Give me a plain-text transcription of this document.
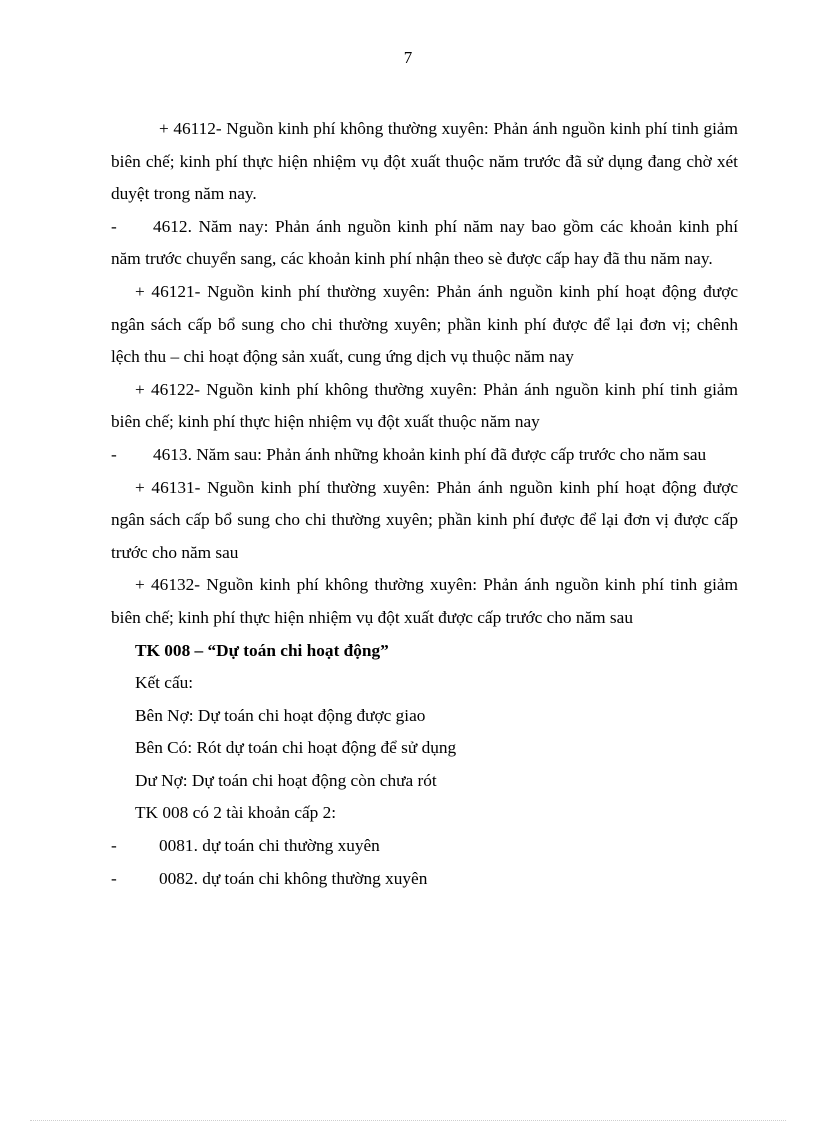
7

+ 46112- Nguồn kinh phí không thường xuyên: Phản ánh nguồn kinh phí tinh giảm biên chế; kinh phí thực hiện nhiệm vụ đột xuất thuộc năm trước đã sử dụng đang chờ xét duyệt trong năm nay.

- 4612. Năm nay: Phản ánh nguồn kinh phí năm nay bao gồm các khoản kinh phí năm trước chuyển sang, các khoản kinh phí nhận theo sè được cấp hay đã thu năm nay.

+ 46121- Nguồn kinh phí thường xuyên: Phản ánh nguồn kinh phí hoạt động được ngân sách cấp bổ sung cho chi thường xuyên; phần kinh phí được để lại đơn vị; chênh lệch thu – chi hoạt động sản xuất, cung ứng dịch vụ thuộc năm nay

+ 46122- Nguồn kinh phí không thường xuyên: Phản ánh nguồn kinh phí tinh giảm biên chế; kinh phí thực hiện nhiệm vụ đột xuất thuộc năm nay

- 4613. Năm sau: Phản ánh những khoản kinh phí đã được cấp trước cho năm sau

+ 46131- Nguồn kinh phí thường xuyên: Phản ánh nguồn kinh phí hoạt động được ngân sách cấp bổ sung cho chi thường xuyên; phần kinh phí được để lại đơn vị được cấp trước cho năm sau

+ 46132- Nguồn kinh phí không thường xuyên: Phản ánh nguồn kinh phí tinh giảm biên chế; kinh phí thực hiện nhiệm vụ đột xuất được cấp trước cho năm sau

TK 008 – “Dự toán chi hoạt động”

Kết cấu:

Bên Nợ: Dự toán chi hoạt động được giao

Bên Có: Rót dự toán chi hoạt động để sử dụng

Dư Nợ: Dự toán chi hoạt động còn chưa rót

TK 008 có 2 tài khoản cấp 2:

- 0081. dự toán chi thường xuyên

- 0082. dự toán chi không thường xuyên
